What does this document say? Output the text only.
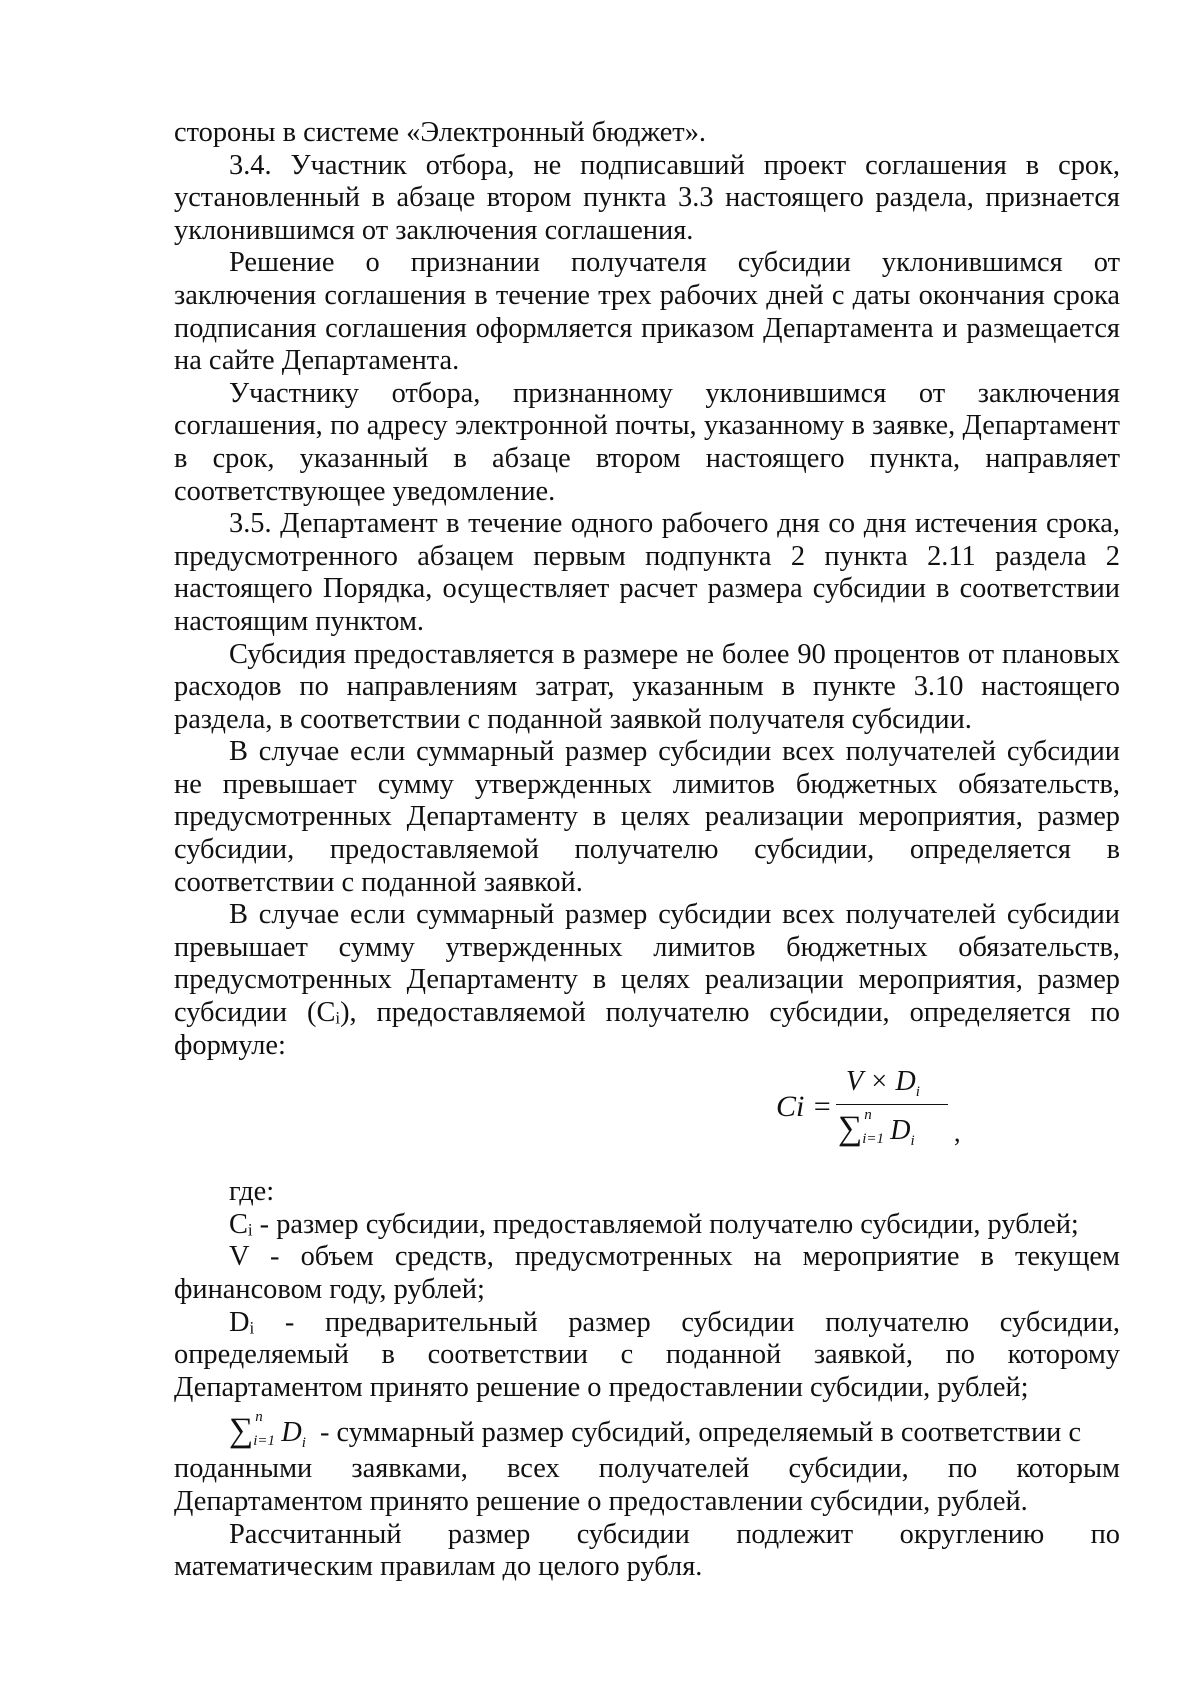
стороны в системе «Электронный бюджет».

3.4. Участник отбора, не подписавший проект соглашения в срок, установленный в абзаце втором пункта 3.3 настоящего раздела, признается уклонившимся от заключения соглашения.

Решение о признании получателя субсидии уклонившимся от заключения соглашения в течение трех рабочих дней с даты окончания срока подписания соглашения оформляется приказом Департамента и размещается на сайте Департамента.

Участнику отбора, признанному уклонившимся от заключения соглашения, по адресу электронной почты, указанному в заявке, Департамент в срок, указанный в абзаце втором настоящего пункта, направляет соответствующее уведомление.

3.5. Департамент в течение одного рабочего дня со дня истечения срока, предусмотренного абзацем первым подпункта 2 пункта 2.11 раздела 2 настоящего Порядка, осуществляет расчет размера субсидии в соответствии настоящим пунктом.

Субсидия предоставляется в размере не более 90 процентов от плановых расходов по направлениям затрат, указанным в пункте 3.10 настоящего раздела, в соответствии с поданной заявкой получателя субсидии.

В случае если суммарный размер субсидии всех получателей субсидии не превышает сумму утвержденных лимитов бюджетных обязательств, предусмотренных Департаменту в целях реализации мероприятия, размер субсидии, предоставляемой получателю субсидии, определяется в соответствии с поданной заявкой.

В случае если суммарный размер субсидии всех получателей субсидии превышает сумму утвержденных лимитов бюджетных обязательств, предусмотренных Департаменту в целях реализации мероприятия, размер субсидии (Cᵢ), предоставляемой получателю субсидии, определяется по формуле:

Ci =
$V \times D_i$
∑ n
i=1 $D_i$ ,

где:

Cᵢ - размер субсидии, предоставляемой получателю субсидии, рублей;

V - объем средств, предусмотренных на мероприятие в текущем финансовом году, рублей;

Dᵢ - предварительный размер субсидии получателю субсидии, определяемый в соответствии с поданной заявкой, по которому Департаментом принято решение о предоставлении субсидии, рублей;

∑ n
i=1 $D_i$ - суммарный размер субсидий, определяемый в соответствии с

поданными заявками, всех получателей субсидии, по которым Департаментом принято решение о предоставлении субсидии, рублей.

Рассчитанный размер субсидии подлежит округлению по математическим правилам до целого рубля.
